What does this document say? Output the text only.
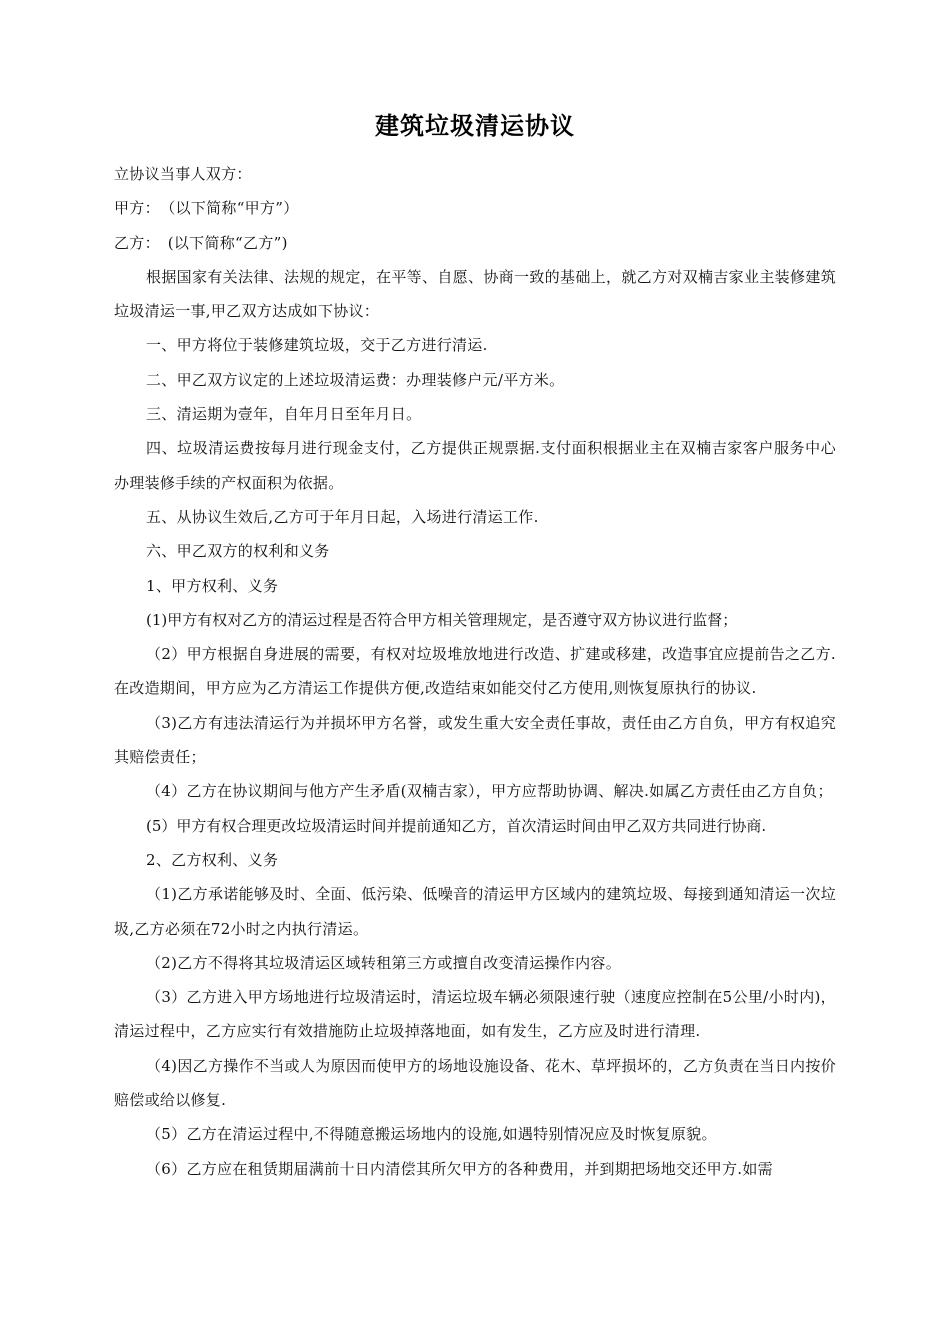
建筑垃圾清运协议

立协议当事人双方：

甲方：　（以下简称“甲方”）

乙方：　(以下简称“乙方”)

根据国家有关法律、法规的规定，在平等、自愿、协商一致的基础上，就乙方对双楠吉家业主装修建筑垃圾清运一事,甲乙双方达成如下协议：

一、甲方将位于装修建筑垃圾，交于乙方进行清运.

二、甲乙双方议定的上述垃圾清运费：办理装修户元/平方米。

三、清运期为壹年，自年月日至年月日。

四、垃圾清运费按每月进行现金支付，乙方提供正规票据.支付面积根据业主在双楠吉家客户服务中心办理装修手续的产权面积为依据。

五、从协议生效后,乙方可于年月日起，入场进行清运工作.

六、甲乙双方的权利和义务

1、甲方权利、义务

(1)甲方有权对乙方的清运过程是否符合甲方相关管理规定，是否遵守双方协议进行监督；

（2）甲方根据自身进展的需要，有权对垃圾堆放地进行改造、扩建或移建，改造事宜应提前告之乙方.在改造期间，甲方应为乙方清运工作提供方便,改造结束如能交付乙方使用,则恢复原执行的协议.

（3)乙方有违法清运行为并损坏甲方名誉，或发生重大安全责任事故，责任由乙方自负，甲方有权追究其赔偿责任；

（4）乙方在协议期间与他方产生矛盾(双楠吉家），甲方应帮助协调、解决.如属乙方责任由乙方自负；

(5）甲方有权合理更改垃圾清运时间并提前通知乙方，首次清运时间由甲乙双方共同进行协商.

2、乙方权利、义务

（1)乙方承诺能够及时、全面、低污染、低噪音的清运甲方区域内的建筑垃圾、每接到通知清运一次垃圾,乙方必须在72小时之内执行清运。

（2)乙方不得将其垃圾清运区域转租第三方或擅自改变清运操作内容。

（3）乙方进入甲方场地进行垃圾清运时，清运垃圾车辆必须限速行驶（速度应控制在5公里/小时内)，清运过程中，乙方应实行有效措施防止垃圾掉落地面，如有发生，乙方应及时进行清理.

（4)因乙方操作不当或人为原因而使甲方的场地设施设备、花木、草坪损坏的，乙方负责在当日内按价赔偿或给以修复.

（5）乙方在清运过程中,不得随意搬运场地内的设施,如遇特别情况应及时恢复原貌。

（6）乙方应在租赁期届满前十日内清偿其所欠甲方的各种费用，并到期把场地交还甲方.如需
